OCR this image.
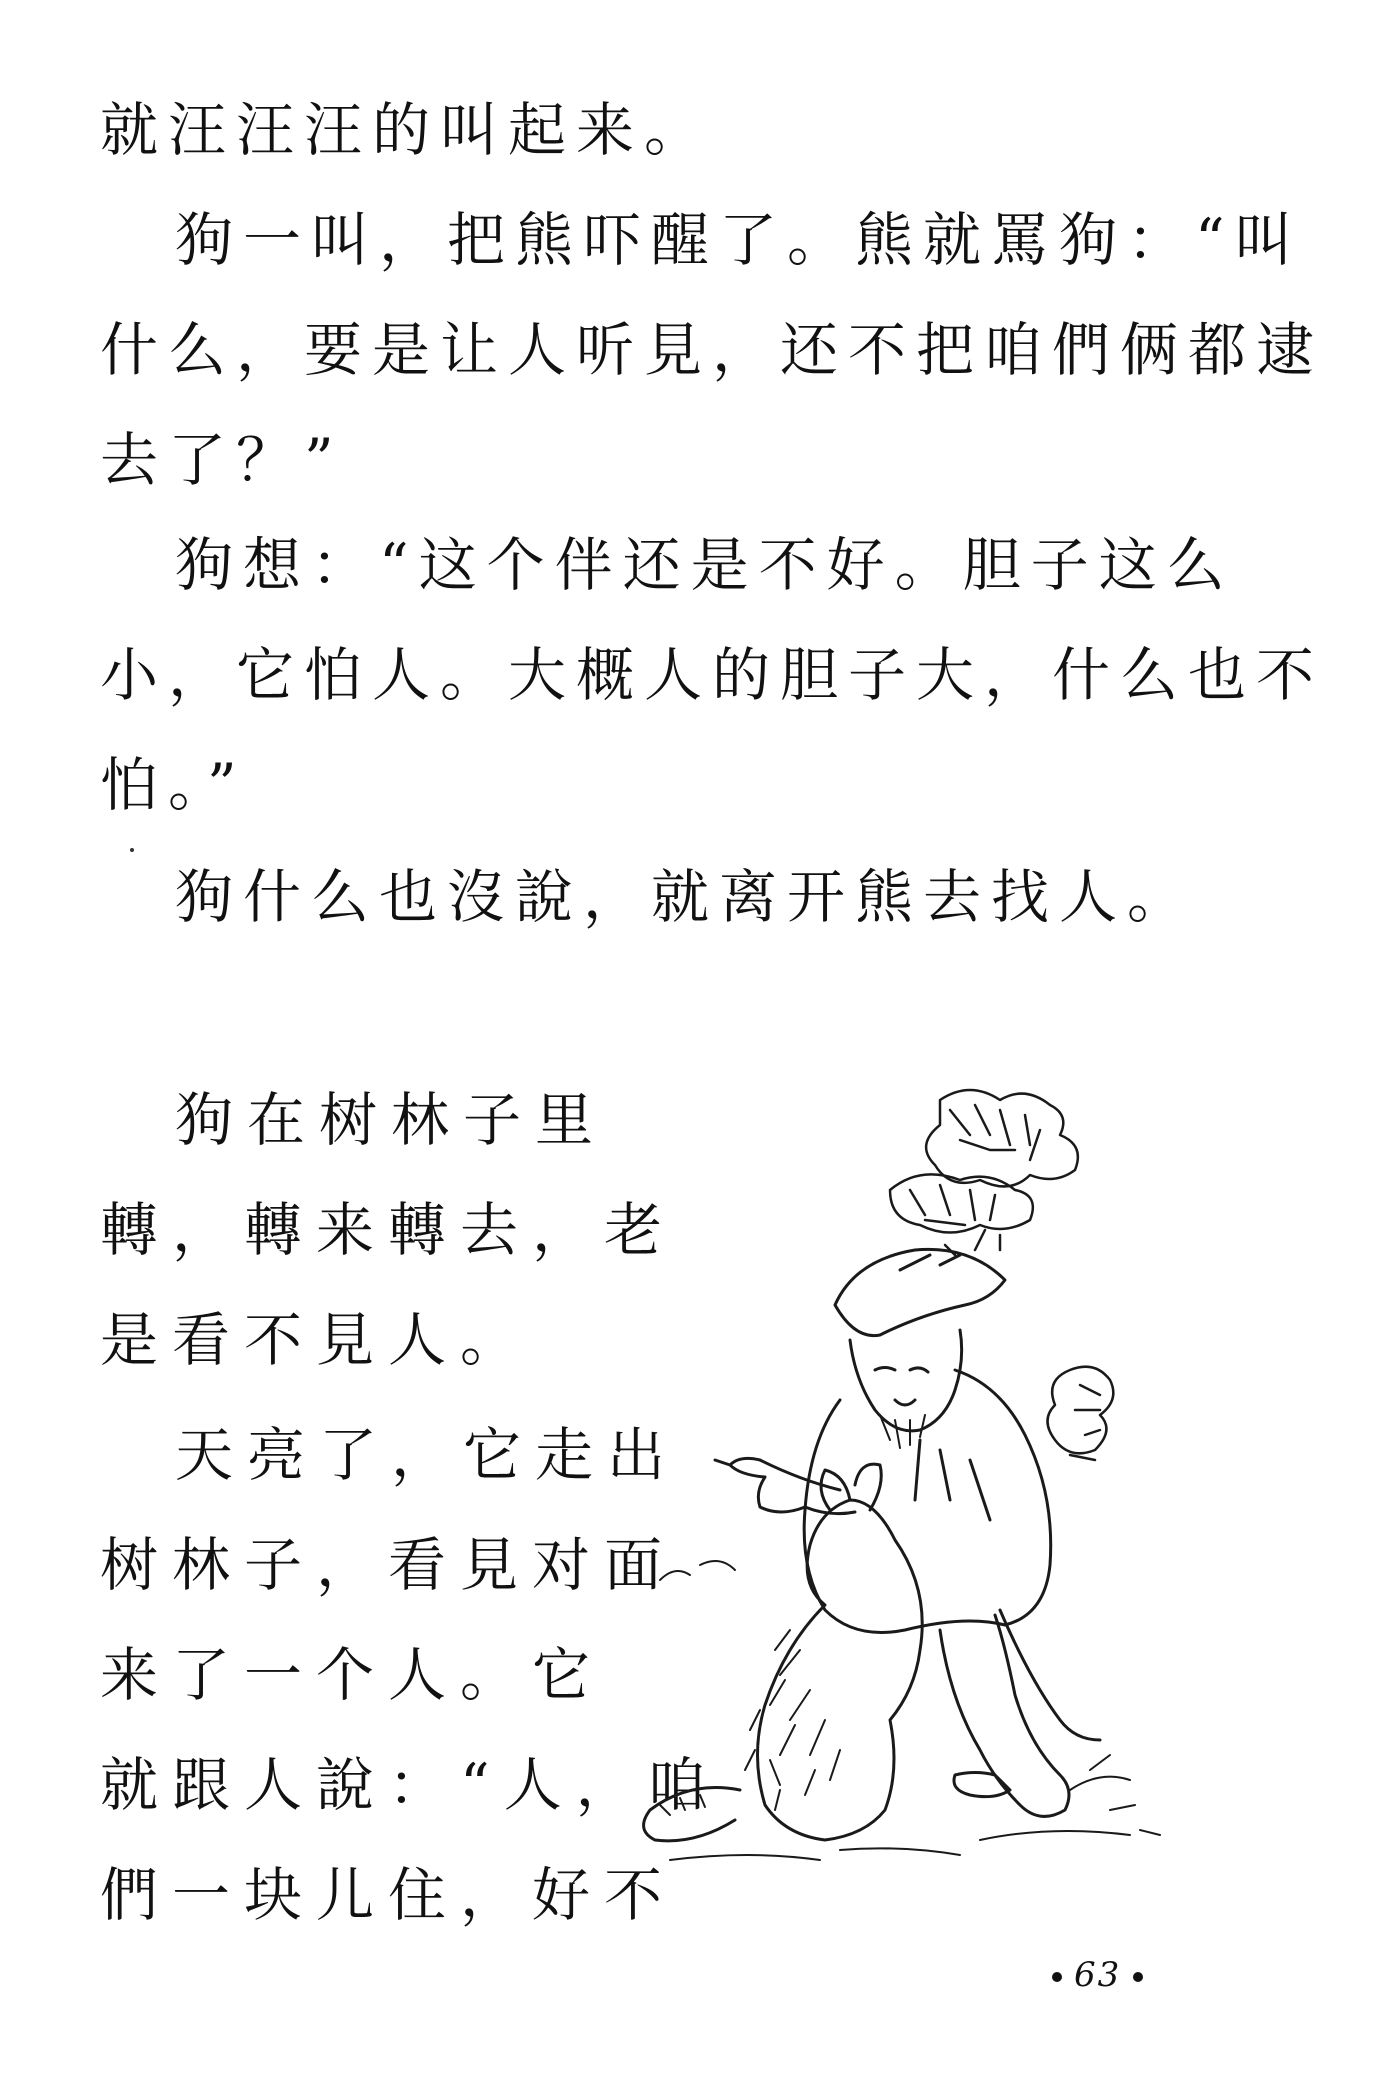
就汪汪汪的叫起来。
狗一叫，把熊吓醒了。熊就罵狗：“叫
什么，要是让人听見，还不把咱們俩都逮
去了？”
狗想：“这个伴还是不好。胆子这么
小，它怕人。大概人的胆子大，什么也不
怕。”
狗什么也沒說，就离开熊去找人。
狗在树林子里
轉，轉来轉去，老
是看不見人。
天亮了，它走出
树林子，看見对面
来了一个人。它
就跟人說：“人，咱
們一块儿住，好不
63
